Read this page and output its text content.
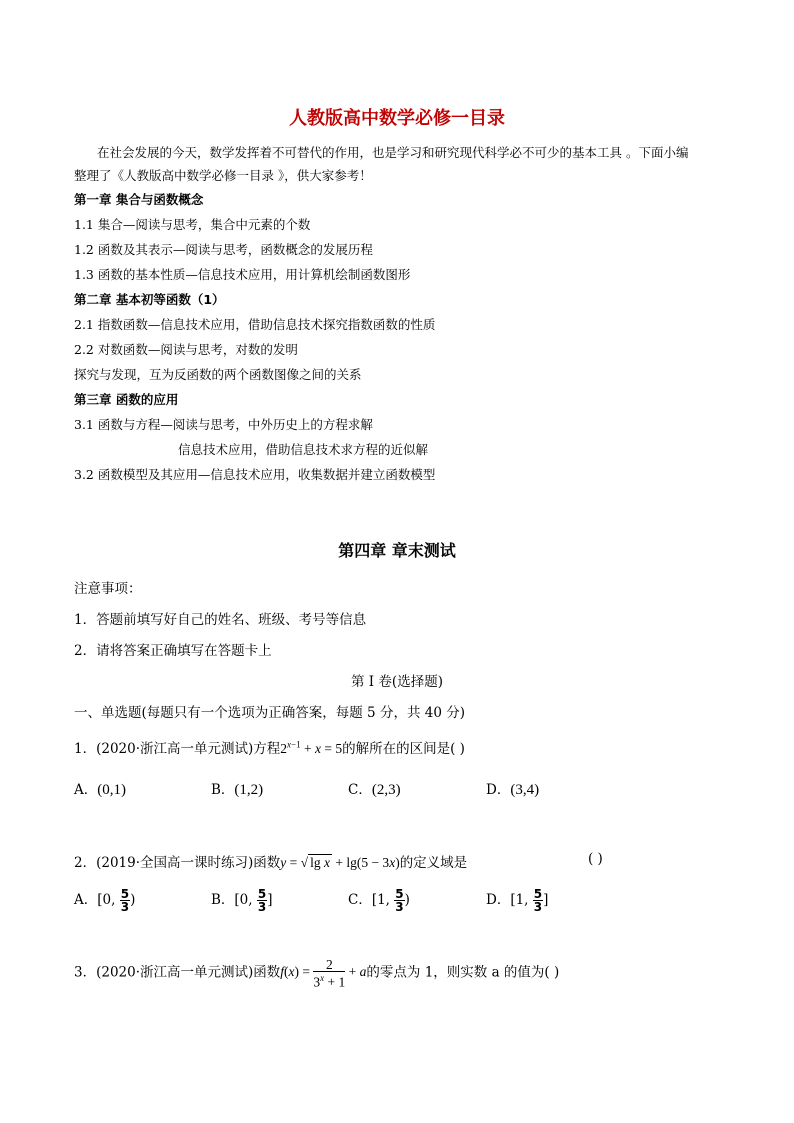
人教版高中数学必修一目录
在社会发展的今天，数学发挥着不可替代的作用，也是学习和研究现代科学必不可少的基本工具 。下面小编
整理了《人教版高中数学必修一目录 》，供大家参考！
第一章 集合与函数概念
1.1 集合—阅读与思考，集合中元素的个数
1.2 函数及其表示—阅读与思考，函数概念的发展历程
1.3 函数的基本性质—信息技术应用，用计算机绘制函数图形
第二章 基本初等函数（1）
2.1 指数函数—信息技术应用，借助信息技术探究指数函数的性质
2.2 对数函数—阅读与思考，对数的发明
探究与发现，互为反函数的两个函数图像之间的关系
第三章 函数的应用
3.1 函数与方程—阅读与思考，中外历史上的方程求解
信息技术应用，借助信息技术求方程的近似解
3.2 函数模型及其应用—信息技术应用，收集数据并建立函数模型
第四章 章末测试
注意事项：
1．答题前填写好自己的姓名、班级、考号等信息
2．请将答案正确填写在答题卡上
第 I 卷(选择题)
一、单选题(每题只有一个选项为正确答案，每题 5 分，共 40 分)
1．(2020·浙江高一单元测试)方程$2^{x-1} + x = 5$的解所在的区间是( )
A．(0,1)	B．(1,2)	C．(2,3)	D．(3,4)
2．(2019·全国高一课时练习)函数y = √ lg x + lg(5 − 3x)的定义域是	( )
A．[0, $\frac{5}{3}$ )	B．[0, $\frac{5}{3}$ ]	C．[1, $\frac{5}{3}$ )	D．[1, $\frac{5}{3}$ ]
3．(2020·浙江高一单元测试)函数$f(x) = \frac{2}{3^x + 1} + a$的零点为 1，则实数 a 的值为( )
